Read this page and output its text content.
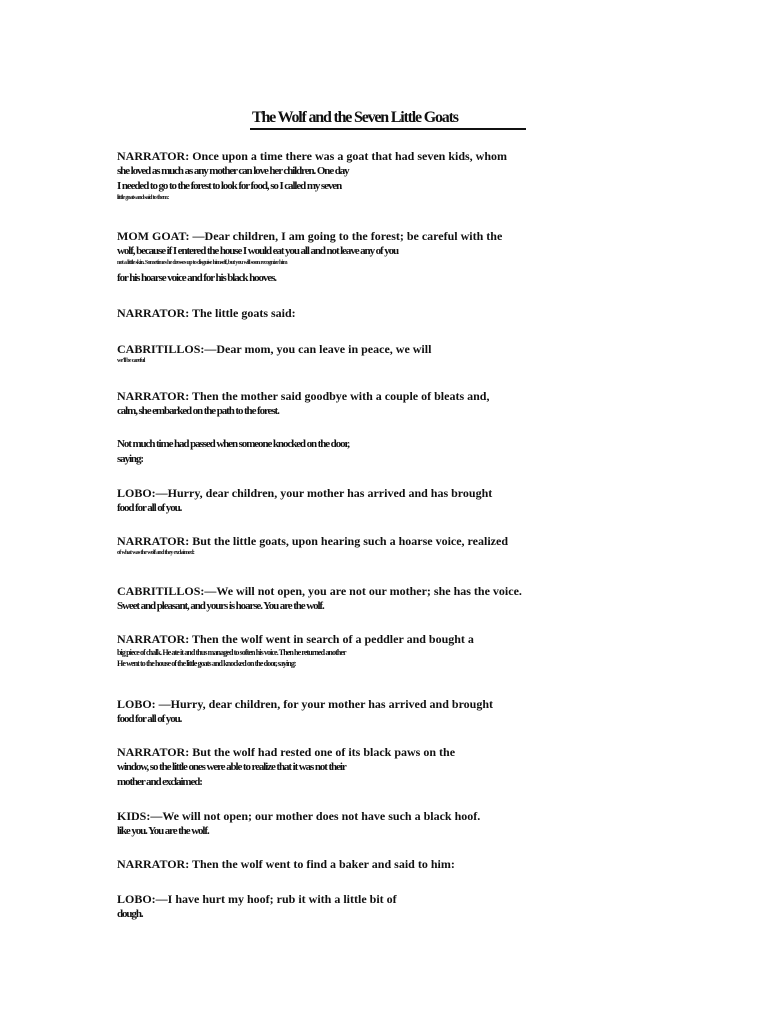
The Wolf and the Seven Little Goats
NARRATOR: Once upon a time there was a goat that had seven kids, whom
she loved as much as any mother can love her children. One day
I needed to go to the forest to look for food, so I called my seven
little goats and said to them:
MOM GOAT: —Dear children, I am going to the forest; be careful with the
wolf, because if I entered the house I would eat you all and not leave any of you
not a little skin. Sometimes he dresses up to disguise himself, but you will soon recognize him
for his hoarse voice and for his black hooves.
NARRATOR: The little goats said:
CABRITILLOS:—Dear mom, you can leave in peace, we will
we'll be careful
NARRATOR: Then the mother said goodbye with a couple of bleats and,
calm, she embarked on the path to the forest.
Not much time had passed when someone knocked on the door,
saying:
LOBO:—Hurry, dear children, your mother has arrived and has brought
food for all of you.
NARRATOR: But the little goats, upon hearing such a hoarse voice, realized
of what was the wolf and they exclaimed:
CABRITILLOS:—We will not open, you are not our mother; she has the voice.
Sweet and pleasant, and yours is hoarse. You are the wolf.
NARRATOR: Then the wolf went in search of a peddler and bought a
big piece of chalk. He ate it and thus managed to soften his voice. Then he returned another
He went to the house of the little goats and knocked on the door, saying:
LOBO: —Hurry, dear children, for your mother has arrived and brought
food for all of you.
NARRATOR: But the wolf had rested one of its black paws on the
window, so the little ones were able to realize that it was not their
mother and exclaimed:
KIDS:—We will not open; our mother does not have such a black hoof.
like you. You are the wolf.
NARRATOR: Then the wolf went to find a baker and said to him:
LOBO:—I have hurt my hoof; rub it with a little bit of
dough.
